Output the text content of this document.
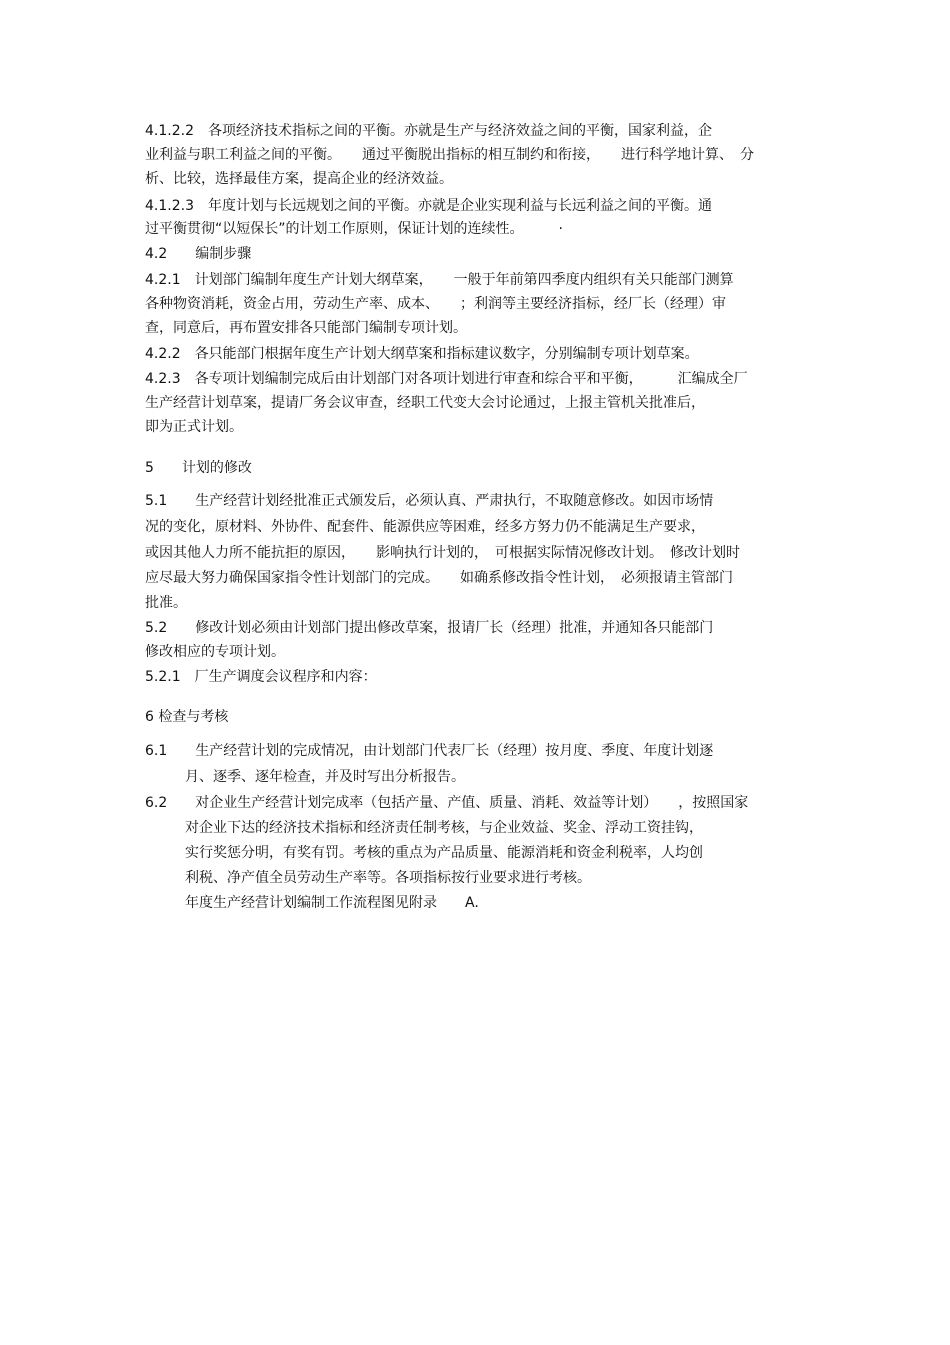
4.1.2.2　各项经济技术指标之间的平衡。亦就是生产与经济效益之间的平衡，国家利益，企
业利益与职工利益之间的平衡。　　通过平衡脱出指标的相互制约和衔接，　　进行科学地计算、　分
析、比较，选择最佳方案，提高企业的经济效益。
4.1.2.3　年度计划与长远规划之间的平衡。亦就是企业实现利益与长远利益之间的平衡。通
过平衡贯彻“以短保长”的计划工作原则，保证计划的连续性。　　　·
4.2　　编制步骤
4.2.1　计划部门编制年度生产计划大纲草案，　　一般于年前第四季度内组织有关只能部门测算
各种物资消耗，资金占用，劳动生产率、成本、　　；利润等主要经济指标，经厂长（经理）审
查，同意后，再布置安排各只能部门编制专项计划。
4.2.2　各只能部门根据年度生产计划大纲草案和指标建议数字，分别编制专项计划草案。
4.2.3　各专项计划编制完成后由计划部门对各项计划进行审查和综合平和平衡，　　　汇编成全厂
生产经营计划草案，提请厂务会议审查，经职工代变大会讨论通过，上报主管机关批准后，
即为正式计划。
5　　计划的修改
5.1　　生产经营计划经批准正式颁发后，必须认真、严肃执行，不取随意修改。如因市场情
况的变化，原材料、外协件、配套件、能源供应等困难，经多方努力仍不能满足生产要求，
或因其他人力所不能抗拒的原因，　　影响执行计划的，　可根据实际情况修改计划。　修改计划时
应尽最大努力确保国家指令性计划部门的完成。　　如确系修改指令性计划，　必须报请主管部门
批准。
5.2　　修改计划必须由计划部门提出修改草案，报请厂长（经理）批准，并通知各只能部门
修改相应的专项计划。
5.2.1　厂生产调度会议程序和内容：
6 检查与考核
6.1　　生产经营计划的完成情况，由计划部门代表厂长（经理）按月度、季度、年度计划逐
月、逐季、逐年检查，并及时写出分析报告。
6.2　　对企业生产经营计划完成率（包括产量、产值、质量、消耗、效益等计划）　　，按照国家
对企业下达的经济技术指标和经济责任制考核，与企业效益、奖金、浮动工资挂钩，
实行奖惩分明，有奖有罚。考核的重点为产品质量、能源消耗和资金利税率，人均创
利税、净产值全员劳动生产率等。各项指标按行业要求进行考核。
年度生产经营计划编制工作流程图见附录　　A.
